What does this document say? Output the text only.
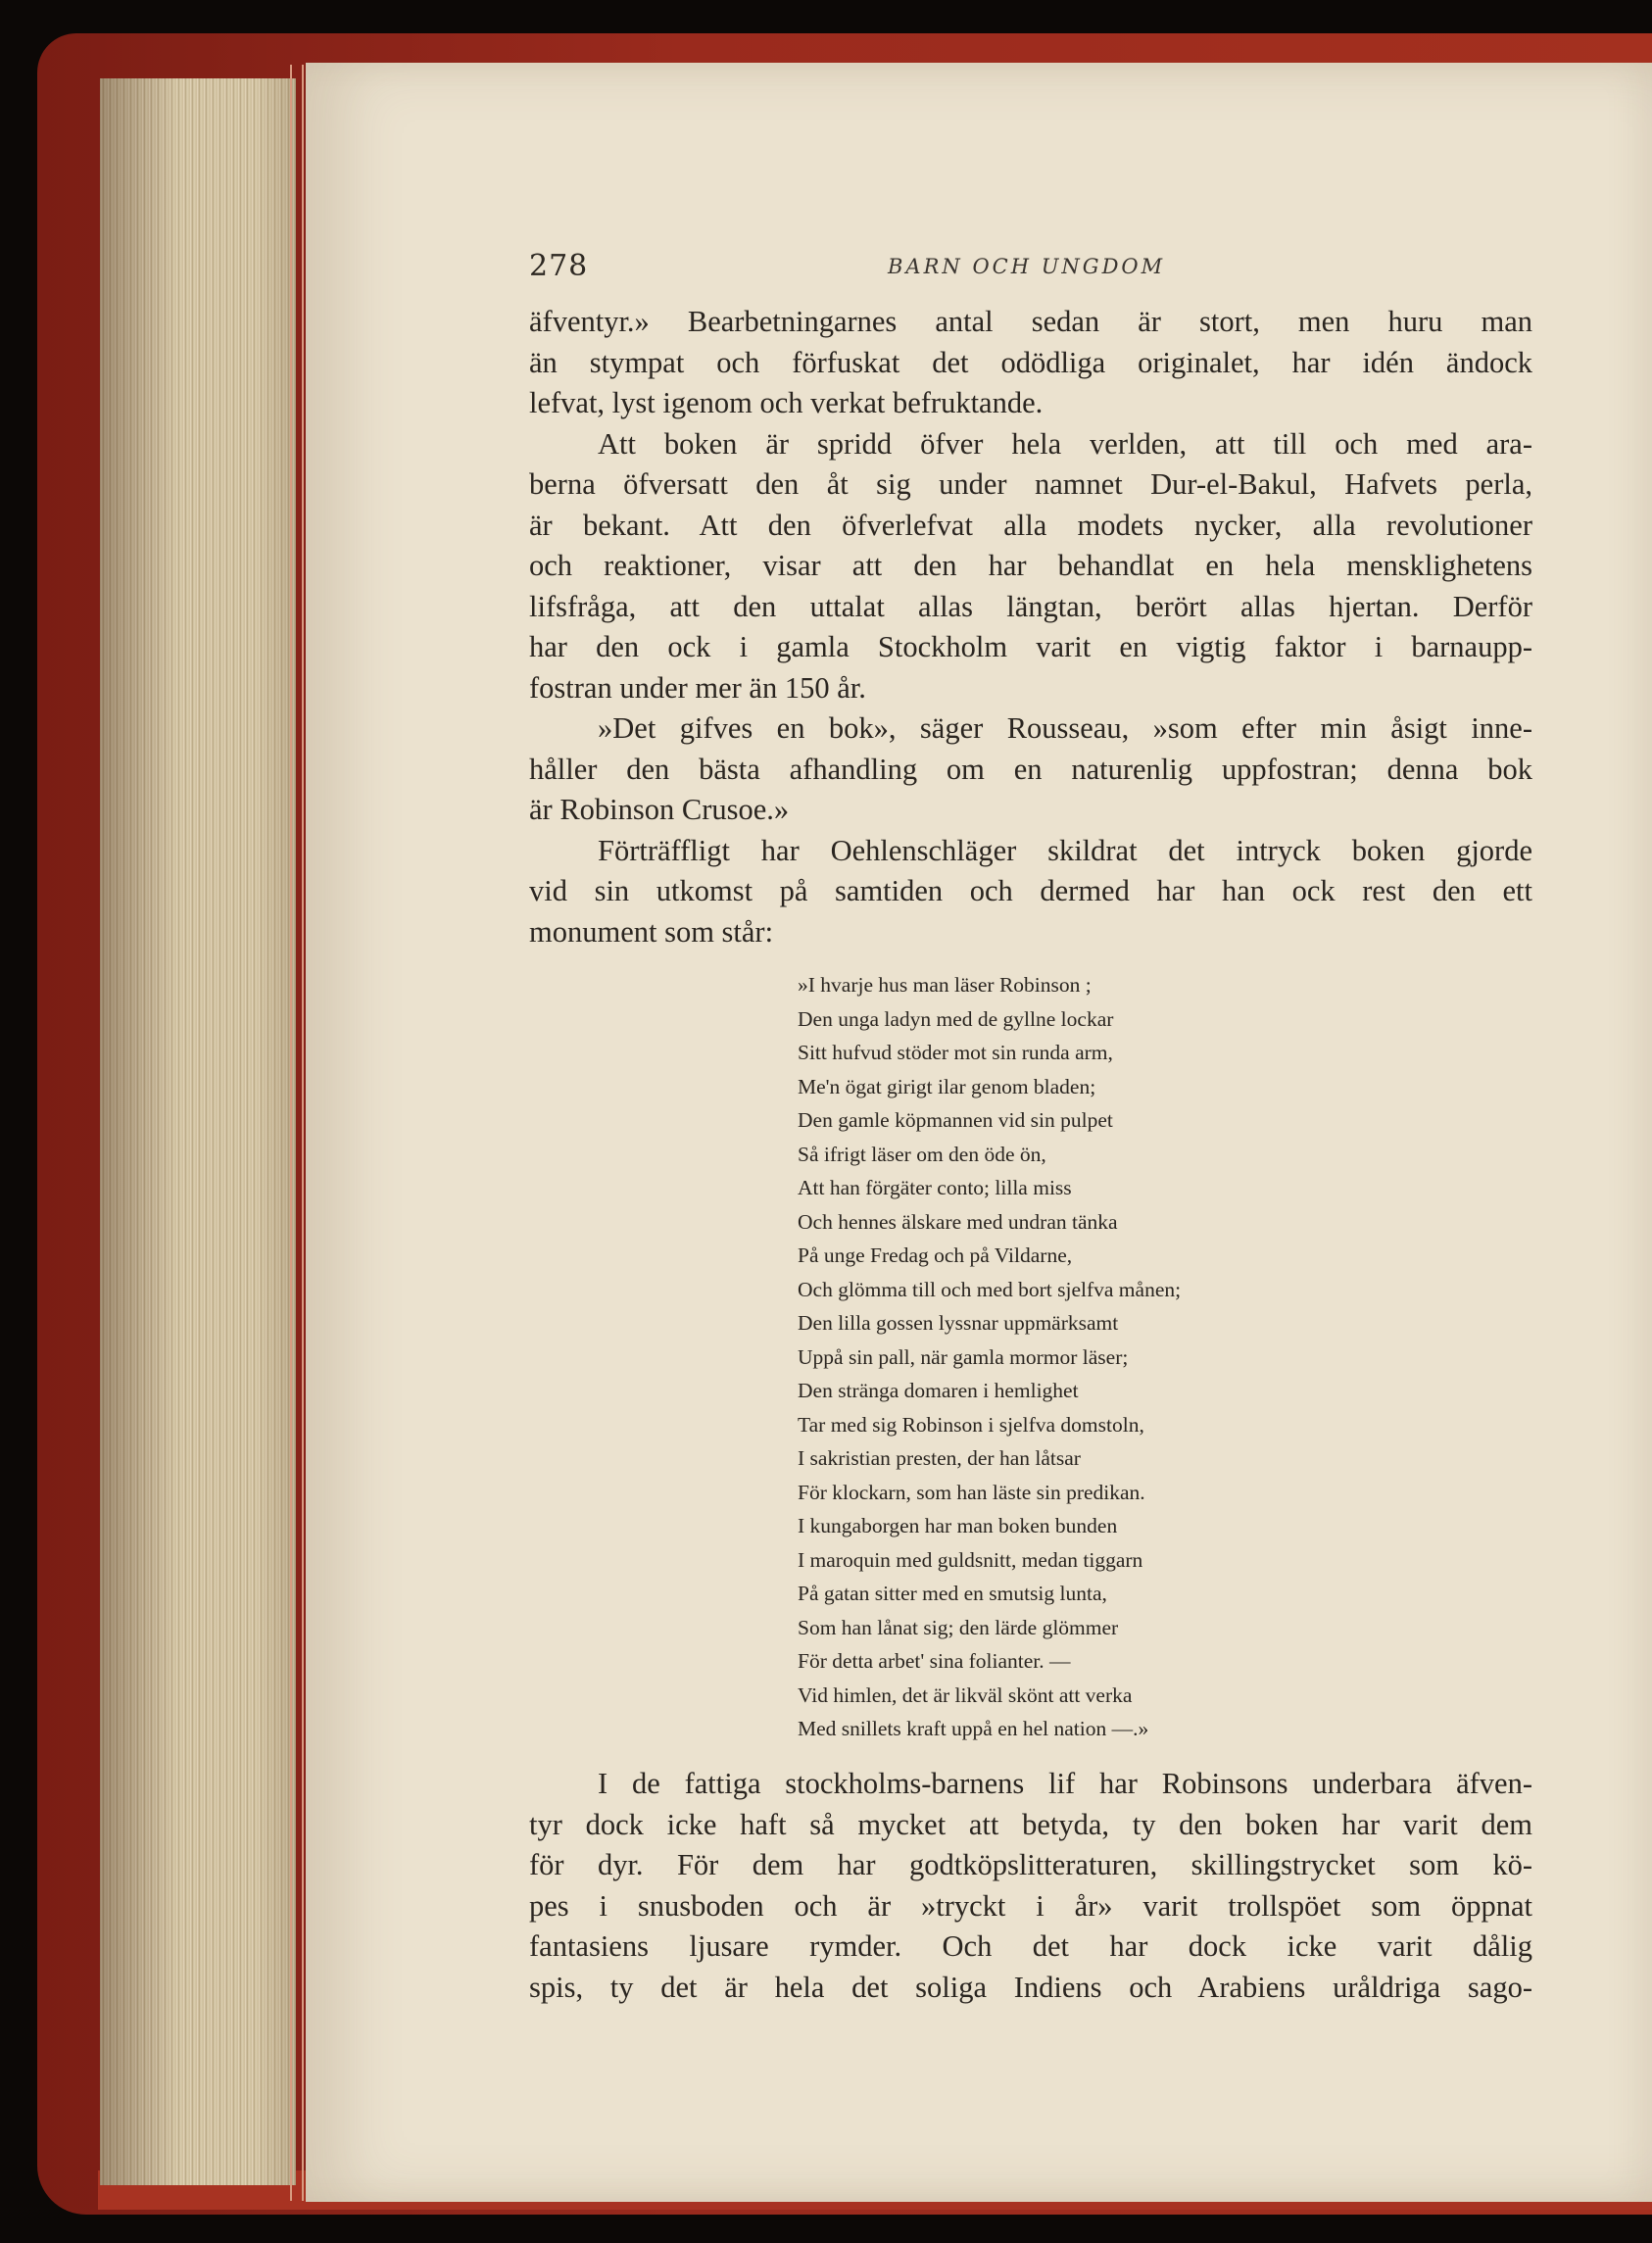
278	BARN OCH UNGDOM
äfventyr.» Bearbetningarnes antal sedan är stort, men huru man
än stympat och förfuskat det odödliga originalet, har idén ändock
lefvat, lyst igenom och verkat befruktande.
Att boken är spridd öfver hela verlden, att till och med ara-
berna öfversatt den åt sig under namnet Dur-el-Bakul, Hafvets perla,
är bekant. Att den öfverlefvat alla modets nycker, alla revolutioner
och reaktioner, visar att den har behandlat en hela mensklighetens
lifsfråga, att den uttalat allas längtan, berört allas hjertan. Derför
har den ock i gamla Stockholm varit en vigtig faktor i barnaupp-
fostran under mer än 150 år.
»Det gifves en bok», säger Rousseau, »som efter min åsigt inne-
håller den bästa afhandling om en naturenlig uppfostran; denna bok
är Robinson Crusoe.»
Förträffligt har Oehlenschläger skildrat det intryck boken gjorde
vid sin utkomst på samtiden och dermed har han ock rest den ett
monument som står:
»I hvarje hus man läser Robinson ;
Den unga ladyn med de gyllne lockar
Sitt hufvud stöder mot sin runda arm,
Me'n ögat girigt ilar genom bladen;
Den gamle köpmannen vid sin pulpet
Så ifrigt läser om den öde ön,
Att han förgäter conto; lilla miss
Och hennes älskare med undran tänka
På unge Fredag och på Vildarne,
Och glömma till och med bort sjelfva månen;
Den lilla gossen lyssnar uppmärksamt
Uppå sin pall, när gamla mormor läser;
Den stränga domaren i hemlighet
Tar med sig Robinson i sjelfva domstoln,
I sakristian presten, der han låtsar
För klockarn, som han läste sin predikan.
I kungaborgen har man boken bunden
I maroquin med guldsnitt, medan tiggarn
På gatan sitter med en smutsig lunta,
Som han lånat sig; den lärde glömmer
För detta arbet' sina folianter. —
Vid himlen, det är likväl skönt att verka
Med snillets kraft uppå en hel nation —.»
I de fattiga stockholms-barnens lif har Robinsons underbara äfven-
tyr dock icke haft så mycket att betyda, ty den boken har varit dem
för dyr. För dem har godtköpslitteraturen, skillingstrycket som kö-
pes i snusboden och är »tryckt i år» varit trollspöet som öppnat
fantasiens ljusare rymder. Och det har dock icke varit dålig
spis, ty det är hela det soliga Indiens och Arabiens uråldriga sago-
